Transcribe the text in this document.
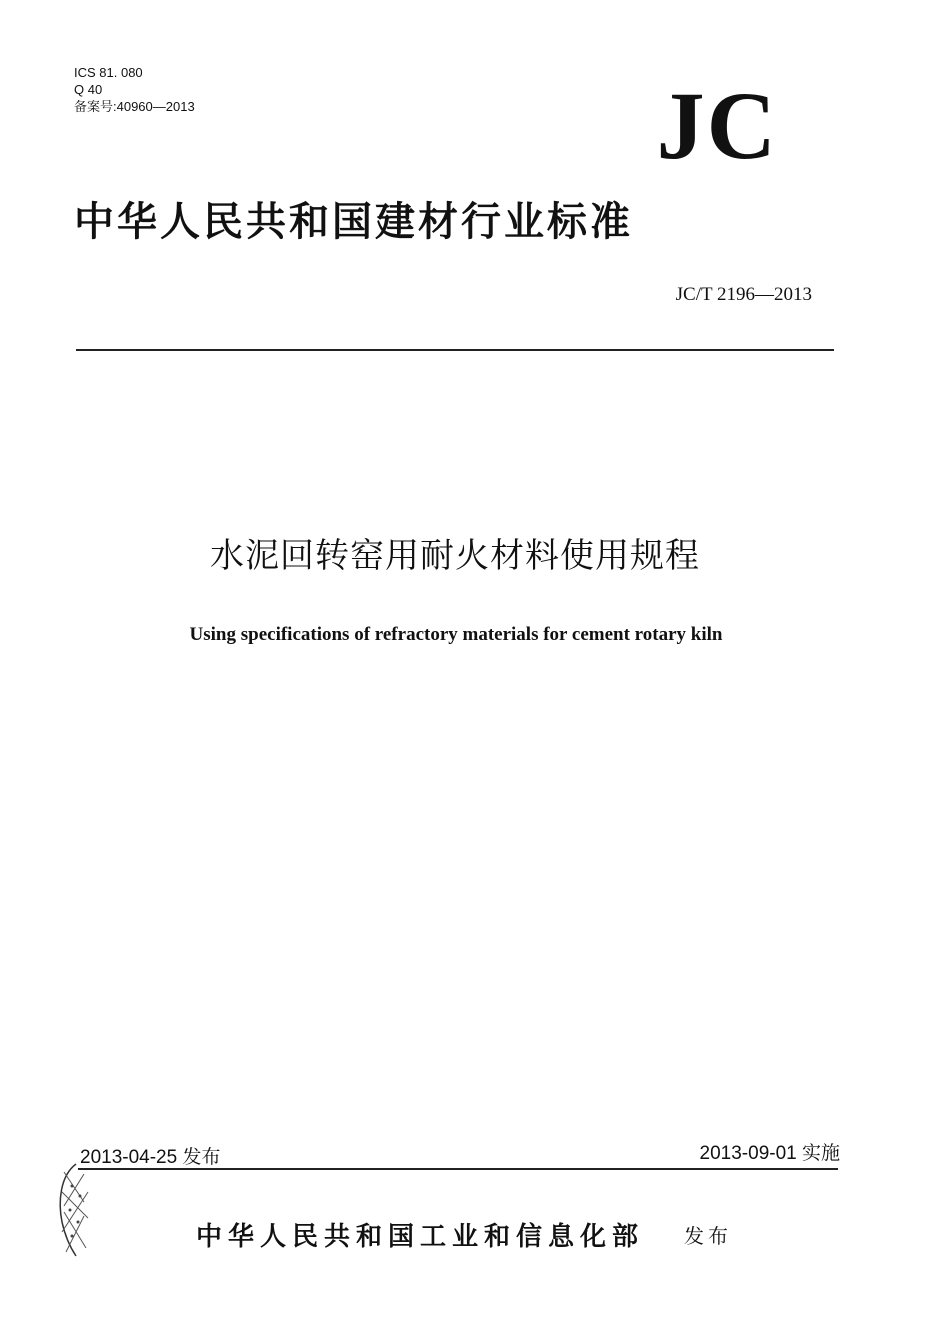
ICS 81. 080
Q 40
备案号:40960—2013	JC
中华人民共和国建材行业标准
JC/T 2196—2013
水泥回转窑用耐火材料使用规程
Using specifications of refractory materials for cement rotary kiln
2013-04-25 发布	2013-09-01 实施
中华人民共和国工业和信息化部 发布
